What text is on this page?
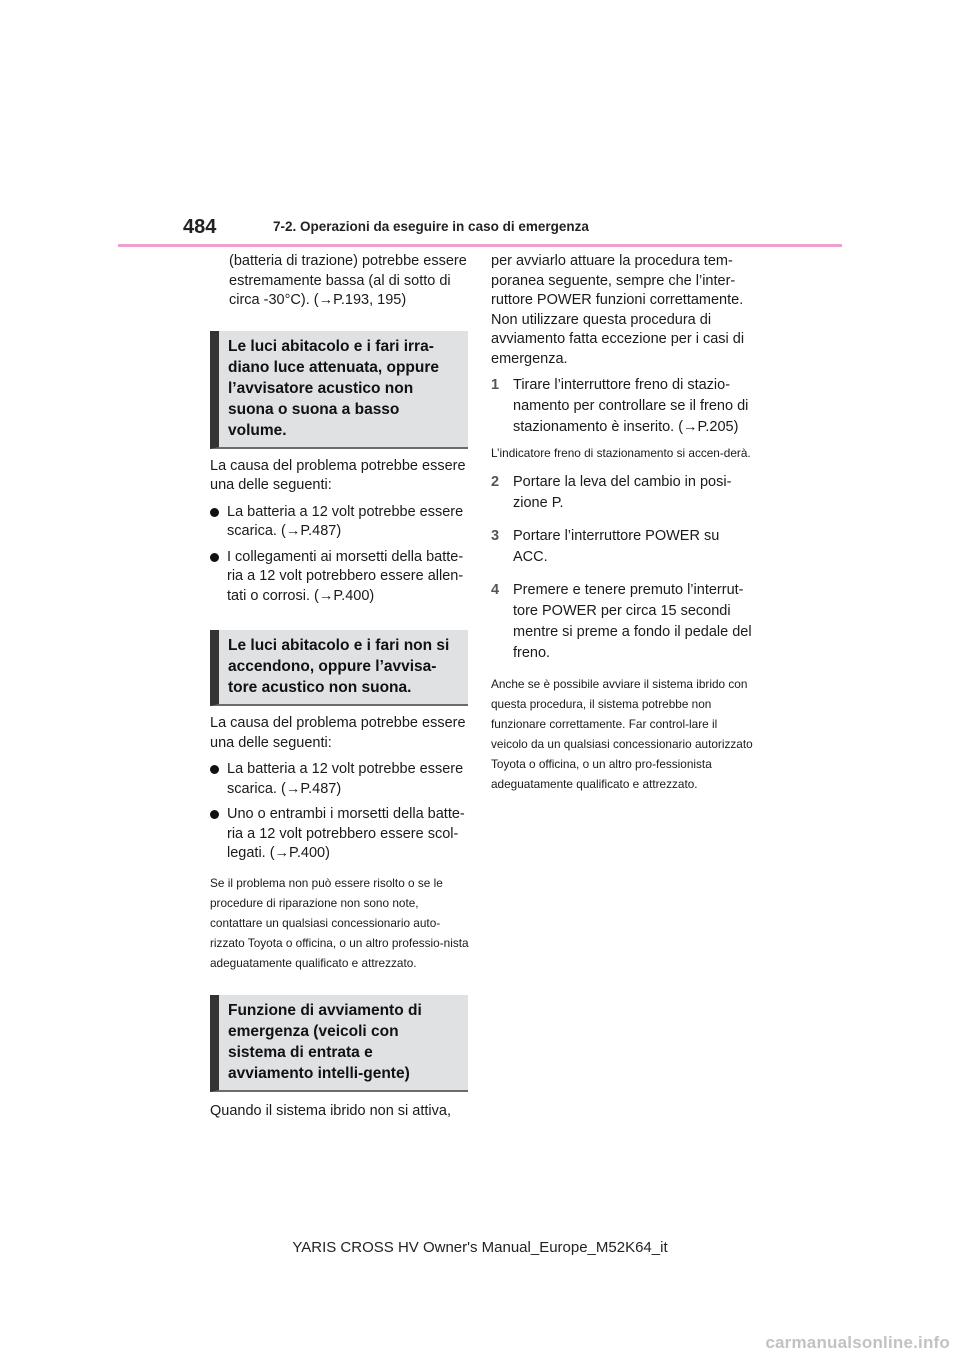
484	7-2. Operazioni da eseguire in caso di emergenza

(batteria di trazione) potrebbe essere estremamente bassa (al di sotto di circa -30°C). (→P.193, 195)

Le luci abitacolo e i fari irra-diano luce attenuata, oppure l’avvisatore acustico non suona o suona a basso volume.

La causa del problema potrebbe essere una delle seguenti:

La batteria a 12 volt potrebbe essere scarica. (→P.487)
I collegamenti ai morsetti della batte-ria a 12 volt potrebbero essere allen-tati o corrosi. (→P.400)
Le luci abitacolo e i fari non si accendono, oppure l’avvisa-tore acustico non suona.

La causa del problema potrebbe essere una delle seguenti:

La batteria a 12 volt potrebbe essere scarica. (→P.487)
Uno o entrambi i morsetti della batte-ria a 12 volt potrebbero essere scol-legati. (→P.400)

Se il problema non può essere risolto o se le procedure di riparazione non sono note, contattare un qualsiasi concessionario auto-rizzato Toyota o officina, o un altro professio-nista adeguatamente qualificato e attrezzato.

Funzione di avviamento di emergenza (veicoli con sistema di entrata e avviamento intelli-gente)

Quando il sistema ibrido non si attiva,

per avviarlo attuare la procedura tem-poranea seguente, sempre che l’inter-ruttore POWER funzioni correttamente. Non utilizzare questa procedura di avviamento fatta eccezione per i casi di emergenza.

1 Tirare l’interruttore freno di stazio-namento per controllare se il freno di stazionamento è inserito. (→P.205)

L’indicatore freno di stazionamento si accen-derà.

2 Portare la leva del cambio in posi-zione P.
3 Portare l’interruttore POWER su ACC.
4 Premere e tenere premuto l’interrut-tore POWER per circa 15 secondi mentre si preme a fondo il pedale del freno.

Anche se è possibile avviare il sistema ibrido con questa procedura, il sistema potrebbe non funzionare correttamente. Far control-lare il veicolo da un qualsiasi concessionario autorizzato Toyota o officina, o un altro pro-fessionista adeguatamente qualificato e attrezzato.

YARIS CROSS HV Owner's Manual_Europe_M52K64_it
carmanualsonline.info
